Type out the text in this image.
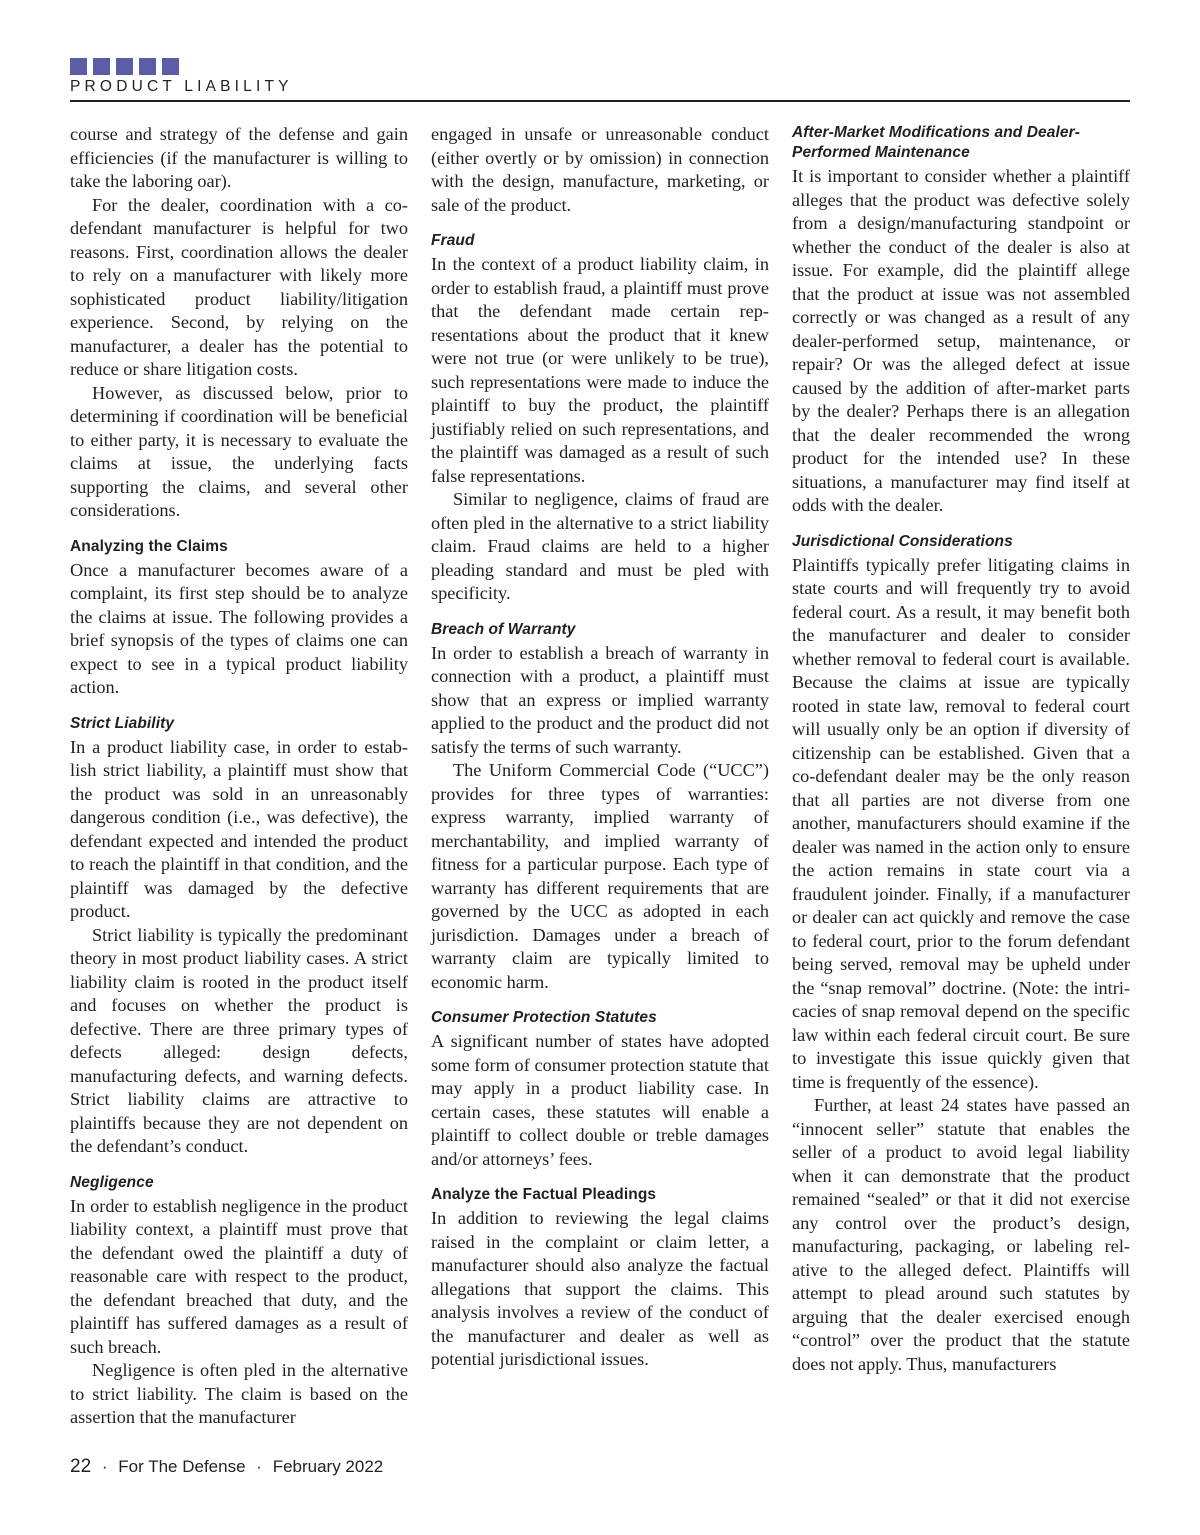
PRODUCT LIABILITY

course and strategy of the defense and gain efficiencies (if the manufacturer is willing to take the laboring oar).

For the dealer, coordination with a codefendant manufacturer is helpful for two reasons. First, coordination allows the dealer to rely on a manufacturer with likely more sophisticated product liability/litigation experience. Second, by relying on the manufacturer, a dealer has the potential to reduce or share litigation costs.

However, as discussed below, prior to determining if coordination will be beneficial to either party, it is necessary to evaluate the claims at issue, the underlying facts supporting the claims, and several other considerations.

Analyzing the Claims

Once a manufacturer becomes aware of a complaint, its first step should be to analyze the claims at issue. The following provides a brief synopsis of the types of claims one can expect to see in a typical product liability action.

Strict Liability

In a product liability case, in order to establish strict liability, a plaintiff must show that the product was sold in an unreasonably dangerous condition (i.e., was defective), the defendant expected and intended the product to reach the plaintiff in that condition, and the plaintiff was damaged by the defective product.

Strict liability is typically the predominant theory in most product liability cases. A strict liability claim is rooted in the product itself and focuses on whether the product is defective. There are three primary types of defects alleged: design defects, manufacturing defects, and warning defects. Strict liability claims are attractive to plaintiffs because they are not dependent on the defendant’s conduct.

Negligence

In order to establish negligence in the product liability context, a plaintiff must prove that the defendant owed the plaintiff a duty of reasonable care with respect to the product, the defendant breached that duty, and the plaintiff has suffered damages as a result of such breach.

Negligence is often pled in the alternative to strict liability. The claim is based on the assertion that the manufacturer

engaged in unsafe or unreasonable conduct (either overtly or by omission) in connection with the design, manufacture, marketing, or sale of the product.

Fraud

In the context of a product liability claim, in order to establish fraud, a plaintiff must prove that the defendant made certain representations about the product that it knew were not true (or were unlikely to be true), such representations were made to induce the plaintiff to buy the product, the plaintiff justifiably relied on such representations, and the plaintiff was damaged as a result of such false representations.

Similar to negligence, claims of fraud are often pled in the alternative to a strict liability claim. Fraud claims are held to a higher pleading standard and must be pled with specificity.

Breach of Warranty

In order to establish a breach of warranty in connection with a product, a plaintiff must show that an express or implied warranty applied to the product and the product did not satisfy the terms of such warranty.

The Uniform Commercial Code (“UCC”) provides for three types of warranties: express warranty, implied warranty of merchantability, and implied warranty of fitness for a particular purpose. Each type of warranty has different requirements that are governed by the UCC as adopted in each jurisdiction. Damages under a breach of warranty claim are typically limited to economic harm.

Consumer Protection Statutes

A significant number of states have adopted some form of consumer protection statute that may apply in a product liability case. In certain cases, these statutes will enable a plaintiff to collect double or treble damages and/or attorneys’ fees.

Analyze the Factual Pleadings

In addition to reviewing the legal claims raised in the complaint or claim letter, a manufacturer should also analyze the factual allegations that support the claims. This analysis involves a review of the conduct of the manufacturer and dealer as well as potential jurisdictional issues.

After-Market Modifications and Dealer-Performed Maintenance

It is important to consider whether a plaintiff alleges that the product was defective solely from a design/manufacturing standpoint or whether the conduct of the dealer is also at issue. For example, did the plaintiff allege that the product at issue was not assembled correctly or was changed as a result of any dealer-performed setup, maintenance, or repair? Or was the alleged defect at issue caused by the addition of after-market parts by the dealer? Perhaps there is an allegation that the dealer recommended the wrong product for the intended use? In these situations, a manufacturer may find itself at odds with the dealer.

Jurisdictional Considerations

Plaintiffs typically prefer litigating claims in state courts and will frequently try to avoid federal court. As a result, it may benefit both the manufacturer and dealer to consider whether removal to federal court is available. Because the claims at issue are typically rooted in state law, removal to federal court will usually only be an option if diversity of citizenship can be established. Given that a co-defendant dealer may be the only reason that all parties are not diverse from one another, manufacturers should examine if the dealer was named in the action only to ensure the action remains in state court via a fraudulent joinder. Finally, if a manufacturer or dealer can act quickly and remove the case to federal court, prior to the forum defendant being served, removal may be upheld under the “snap removal” doctrine. (Note: the intricacies of snap removal depend on the specific law within each federal circuit court. Be sure to investigate this issue quickly given that time is frequently of the essence).

Further, at least 24 states have passed an “innocent seller” statute that enables the seller of a product to avoid legal liability when it can demonstrate that the product remained “sealed” or that it did not exercise any control over the product’s design, manufacturing, packaging, or labeling relative to the alleged defect. Plaintiffs will attempt to plead around such statutes by arguing that the dealer exercised enough “control” over the product that the statute does not apply. Thus, manufacturers

22 · For The Defense · February 2022
